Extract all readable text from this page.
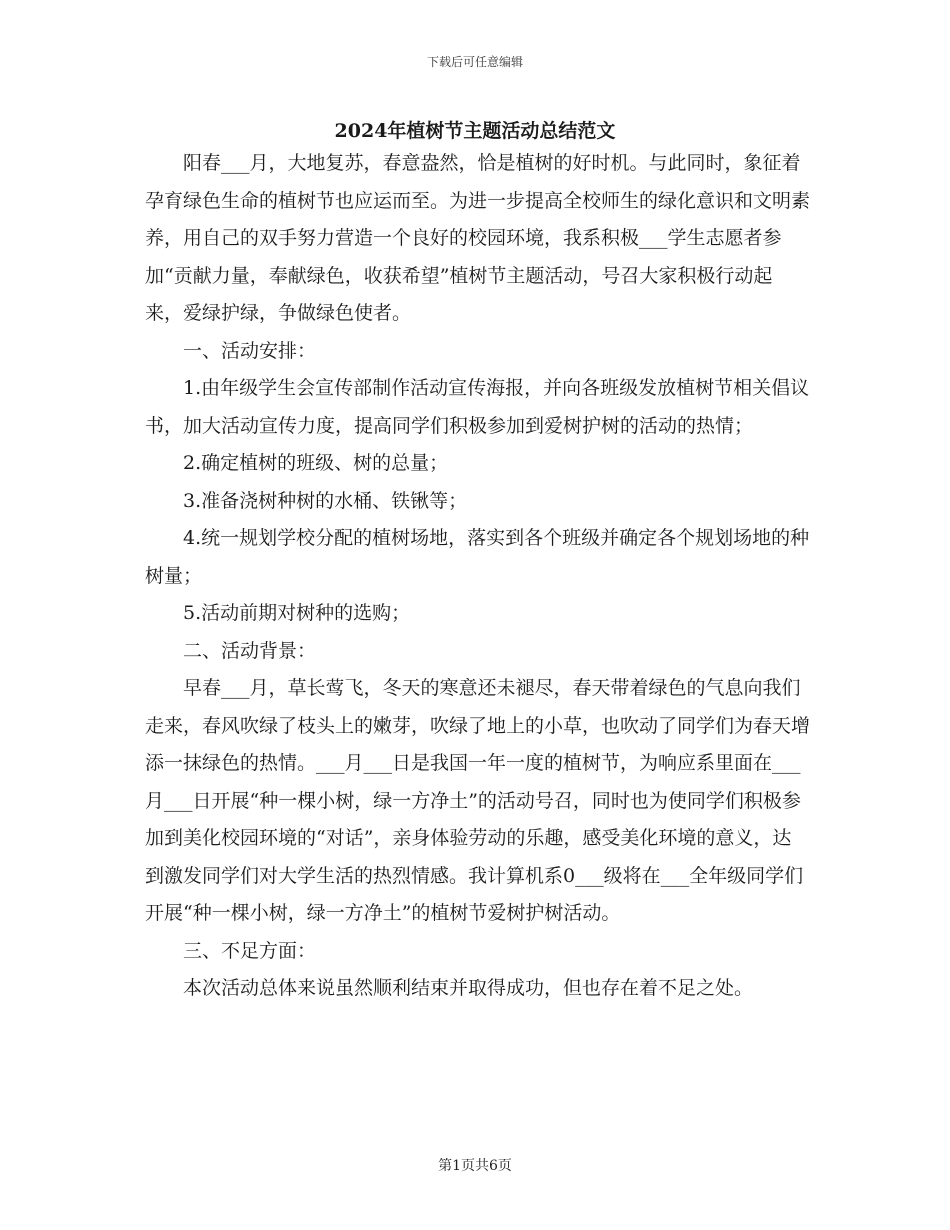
下载后可任意编辑
2024年植树节主题活动总结范文

阳春___月，大地复苏，春意盎然，恰是植树的好时机。与此同时，象征着孕育绿色生命的植树节也应运而至。为进一步提高全校师生的绿化意识和文明素养，用自己的双手努力营造一个良好的校园环境，我系积极___学生志愿者参加“贡献力量，奉献绿色，收获希望”植树节主题活动，号召大家积极行动起来，爱绿护绿，争做绿色使者。

一、活动安排：

1.由年级学生会宣传部制作活动宣传海报，并向各班级发放植树节相关倡议书，加大活动宣传力度，提高同学们积极参加到爱树护树的活动的热情；

2.确定植树的班级、树的总量；

3.准备浇树种树的水桶、铁锹等；

4.统一规划学校分配的植树场地，落实到各个班级并确定各个规划场地的种树量；

5.活动前期对树种的选购；

二、活动背景：

早春___月，草长莺飞，冬天的寒意还未褪尽，春天带着绿色的气息向我们走来，春风吹绿了枝头上的嫩芽，吹绿了地上的小草，也吹动了同学们为春天增添一抹绿色的热情。___月___日是我国一年一度的植树节，为响应系里面在___月___日开展“种一棵小树，绿一方净土”的活动号召，同时也为使同学们积极参加到美化校园环境的“对话”，亲身体验劳动的乐趣，感受美化环境的意义，达到激发同学们对大学生活的热烈情感。我计算机系0___级将在___全年级同学们开展“种一棵小树，绿一方净土”的植树节爱树护树活动。

三、不足方面：

本次活动总体来说虽然顺利结束并取得成功，但也存在着不足之处。

第1页共6页
